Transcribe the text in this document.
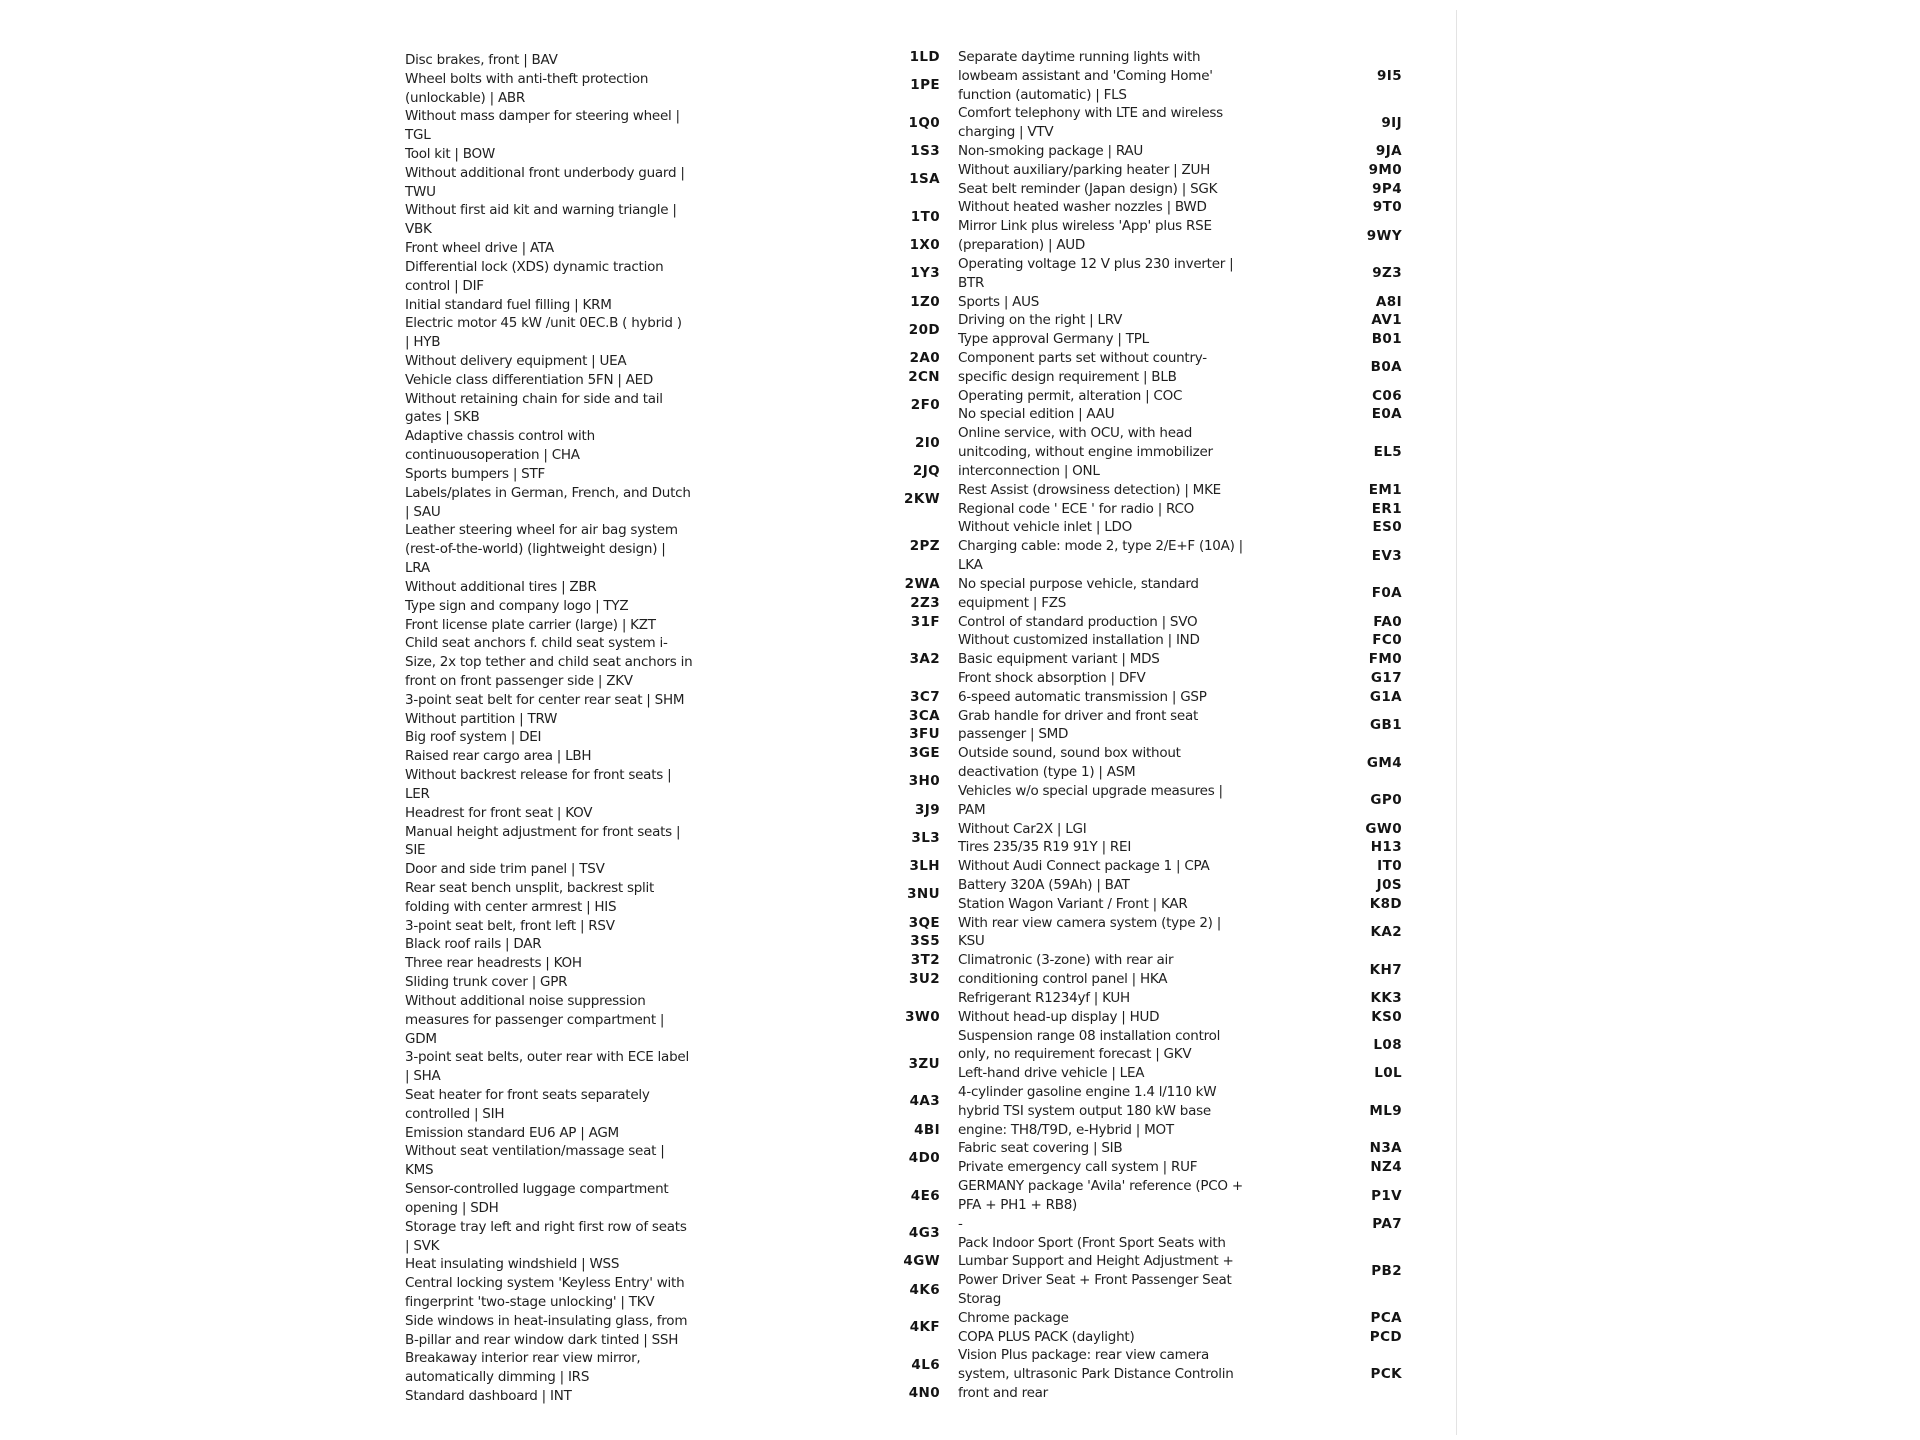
Disc brakes, front | BAV
Wheel bolts with anti-theft protection
(unlockable) | ABR
Without mass damper for steering wheel |
TGL
Tool kit | BOW
Without additional front underbody guard |
TWU
Without first aid kit and warning triangle |
VBK
Front wheel drive | ATA
Differential lock (XDS) dynamic traction
control | DIF
Initial standard fuel filling | KRM
Electric motor 45 kW /unit 0EC.B ( hybrid )
| HYB
Without delivery equipment | UEA
Vehicle class differentiation 5FN | AED
Without retaining chain for side and tail
gates | SKB
Adaptive chassis control with
continuousoperation | CHA
Sports bumpers | STF
Labels/plates in German, French, and Dutch
| SAU
Leather steering wheel for air bag system
(rest-of-the-world) (lightweight design) |
LRA
Without additional tires | ZBR
Type sign and company logo | TYZ
Front license plate carrier (large) | KZT
Child seat anchors f. child seat system i-
Size, 2x top tether and child seat anchors in
front on front passenger side | ZKV
3-point seat belt for center rear seat | SHM
Without partition | TRW
Big roof system | DEI
Raised rear cargo area | LBH
Without backrest release for front seats |
LER
Headrest for front seat | KOV
Manual height adjustment for front seats |
SIE
Door and side trim panel | TSV
Rear seat bench unsplit, backrest split
folding with center armrest | HIS
3-point seat belt, front left | RSV
Black roof rails | DAR
Three rear headrests | KOH
Sliding trunk cover | GPR
Without additional noise suppression
measures for passenger compartment |
GDM
3-point seat belts, outer rear with ECE label
| SHA
Seat heater for front seats separately
controlled | SIH
Emission standard EU6 AP | AGM
Without seat ventilation/massage seat |
KMS
Sensor-controlled luggage compartment
opening | SDH
Storage tray left and right first row of seats
| SVK
Heat insulating windshield | WSS
Central locking system 'Keyless Entry' with
fingerprint 'two-stage unlocking' | TKV
Side windows in heat-insulating glass, from
B-pillar and rear window dark tinted | SSH
Breakaway interior rear view mirror,
automatically dimming | IRS
Standard dashboard | INT
1LD
1PE
1Q0
1S3
1SA
1T0
1X0
1Y3
1Z0
20D
2A0
2CN
2F0
2I0
2JQ
2KW
2PZ
2WA
2Z3
31F
3A2
3C7
3CA
3FU
3GE
3H0
3J9
3L3
3LH
3NU
3QE
3S5
3T2
3U2
3W0
3ZU
4A3
4BI
4D0
4E6
4G3
4GW
4K6
4KF
4L6
4N0
Separate daytime running lights with
lowbeam assistant and 'Coming Home'
function (automatic) | FLS
Comfort telephony with LTE and wireless
charging | VTV
Non-smoking package | RAU
Without auxiliary/parking heater | ZUH
Seat belt reminder (Japan design) | SGK
Without heated washer nozzles | BWD
Mirror Link plus wireless 'App' plus RSE
(preparation) | AUD
Operating voltage 12 V plus 230 inverter |
BTR
Sports | AUS
Driving on the right | LRV
Type approval Germany | TPL
Component parts set without country-
specific design requirement | BLB
Operating permit, alteration | COC
No special edition | AAU
Online service, with OCU, with head
unitcoding, without engine immobilizer
interconnection | ONL
Rest Assist (drowsiness detection) | MKE
Regional code ' ECE ' for radio | RCO
Without vehicle inlet | LDO
Charging cable: mode 2, type 2/E+F (10A) |
LKA
No special purpose vehicle, standard
equipment | FZS
Control of standard production | SVO
Without customized installation | IND
Basic equipment variant | MDS
Front shock absorption | DFV
6-speed automatic transmission | GSP
Grab handle for driver and front seat
passenger | SMD
Outside sound, sound box without
deactivation (type 1) | ASM
Vehicles w/o special upgrade measures |
PAM
Without Car2X | LGI
Tires 235/35 R19 91Y | REI
Without Audi Connect package 1 | CPA
Battery 320A (59Ah) | BAT
Station Wagon Variant / Front | KAR
With rear view camera system (type 2) |
KSU
Climatronic (3-zone) with rear air
conditioning control panel | HKA
Refrigerant R1234yf | KUH
Without head-up display | HUD
Suspension range 08 installation control
only, no requirement forecast | GKV
Left-hand drive vehicle | LEA
4-cylinder gasoline engine 1.4 l/110 kW
hybrid TSI system output 180 kW base
engine: TH8/T9D, e-Hybrid | MOT
Fabric seat covering | SIB
Private emergency call system | RUF
GERMANY package 'Avila' reference (PCO +
PFA + PH1 + RB8)
-
Pack Indoor Sport (Front Sport Seats with
Lumbar Support and Height Adjustment +
Power Driver Seat + Front Passenger Seat
Storag
Chrome package
COPA PLUS PACK (daylight)
Vision Plus package: rear view camera
system, ultrasonic Park Distance Controlin
front and rear
9I5
9IJ
9JA
9M0
9P4
9T0
9WY
9Z3
A8I
AV1
B01
B0A
C06
E0A
EL5
EM1
ER1
ES0
EV3
F0A
FA0
FC0
FM0
G17
G1A
GB1
GM4
GP0
GW0
H13
IT0
J0S
K8D
KA2
KH7
KK3
KS0
L08
L0L
ML9
N3A
NZ4
P1V
PA7
PB2
PCA
PCD
PCK
